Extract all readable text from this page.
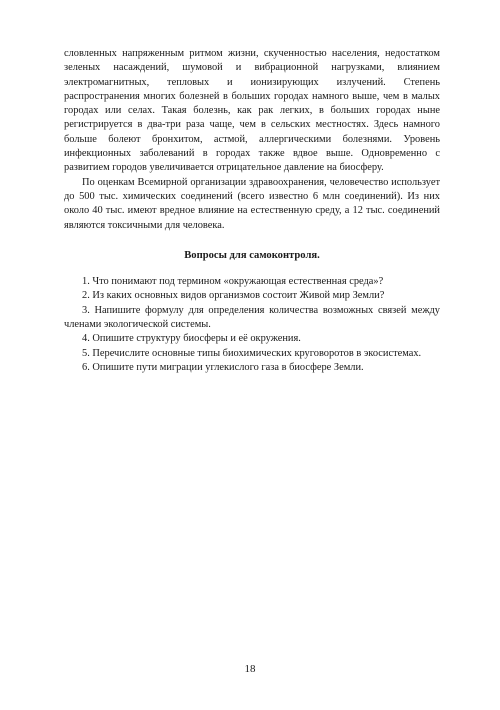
словленных напряженным ритмом жизни, скученностью населения, недостатком зеленых насаждений, шумовой и вибрационной нагрузками, влиянием электромагнитных, тепловых и ионизирующих излучений. Степень распространения многих болезней в больших городах намного выше, чем в малых городах или селах. Такая болезнь, как рак легких, в больших городах ныне регистрируется в два-три раза чаще, чем в сельских местностях. Здесь намного больше болеют бронхитом, астмой, аллергическими болезнями. Уровень инфекционных заболеваний в городах также вдвое выше. Одновременно с развитием городов увеличивается отрицательное давление на биосферу.

По оценкам Всемирной организации здравоохранения, человечество использует до 500 тыс. химических соединений (всего известно 6 млн соединений). Из них около 40 тыс. имеют вредное влияние на естественную среду, а 12 тыс. соединений являются токсичными для человека.

Вопросы для самоконтроля.

1. Что понимают под термином «окружающая естественная среда»?

2. Из каких основных видов организмов состоит Живой мир Земли?

3. Напишите формулу для определения количества возможных связей между членами экологической системы.

4. Опишите структуру биосферы и её окружения.

5. Перечислите основные типы биохимических круговоротов в экосистемах.

6. Опишите пути миграции углекислого газа в биосфере Земли.

18
